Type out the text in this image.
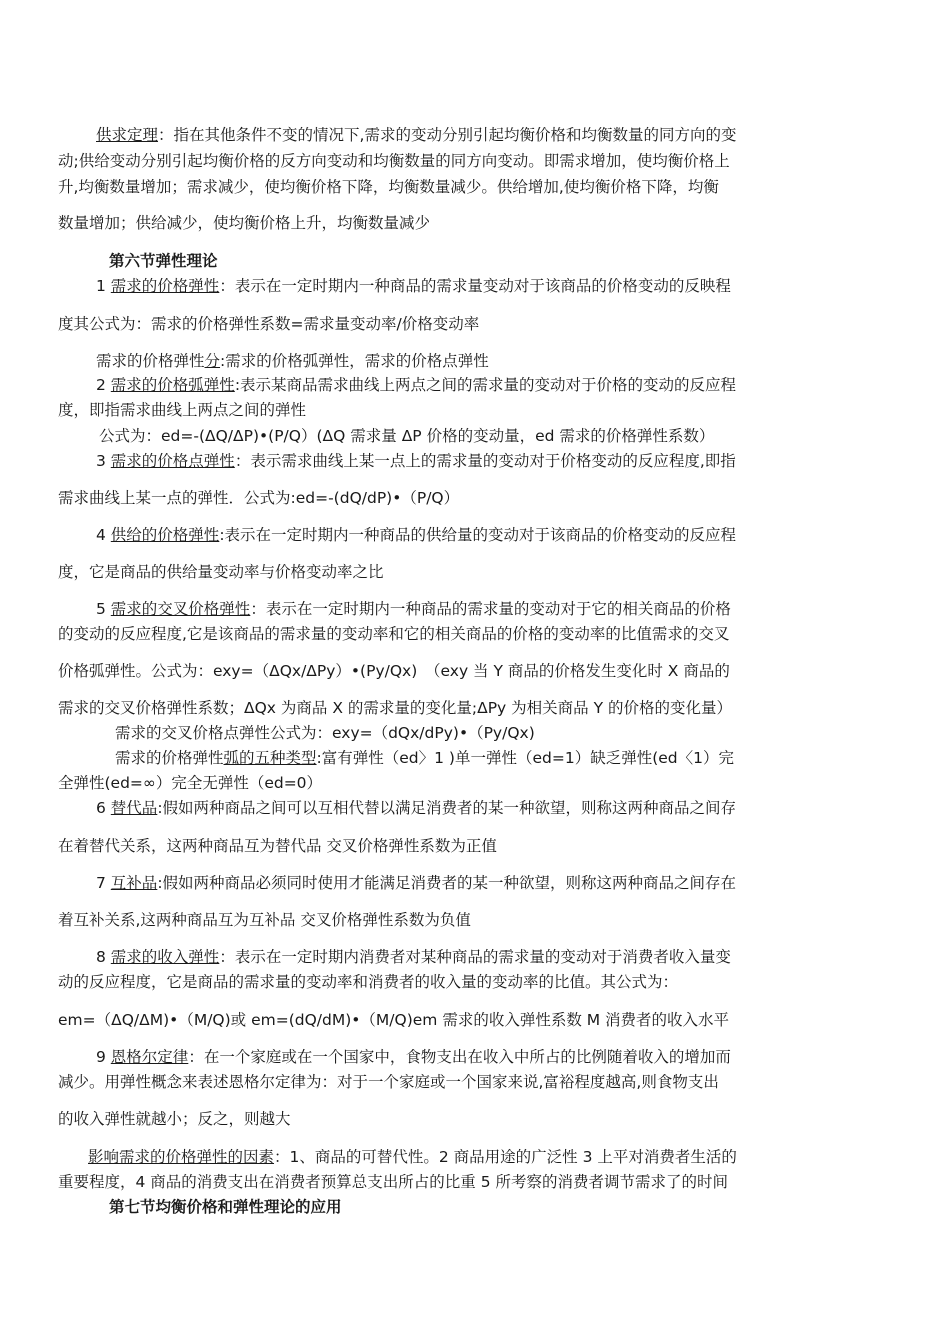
供求定理：指在其他条件不变的情况下,需求的变动分别引起均衡价格和均衡数量的同方向的变
动;供给变动分别引起均衡价格的反方向变动和均衡数量的同方向变动。即需求增加，使均衡价格上
升,均衡数量增加；需求减少，使均衡价格下降，均衡数量减少。供给增加,使均衡价格下降，均衡
数量增加；供给减少，使均衡价格上升，均衡数量减少
第六节弹性理论
1 需求的价格弹性：表示在一定时期内一种商品的需求量变动对于该商品的价格变动的反映程
度其公式为：需求的价格弹性系数=需求量变动率/价格变动率
需求的价格弹性分:需求的价格弧弹性，需求的价格点弹性
2 需求的价格弧弹性:表示某商品需求曲线上两点之间的需求量的变动对于价格的变动的反应程
度，即指需求曲线上两点之间的弹性
公式为：ed=-(ΔQ/ΔP)•(P/Q）(ΔQ 需求量 ΔP 价格的变动量，ed 需求的价格弹性系数）
3 需求的价格点弹性：表示需求曲线上某一点上的需求量的变动对于价格变动的反应程度,即指
需求曲线上某一点的弹性．公式为:ed=-(dQ/dP)•（P/Q）
4 供给的价格弹性:表示在一定时期内一种商品的供给量的变动对于该商品的价格变动的反应程
度，它是商品的供给量变动率与价格变动率之比
5 需求的交叉价格弹性：表示在一定时期内一种商品的需求量的变动对于它的相关商品的价格
的变动的反应程度,它是该商品的需求量的变动率和它的相关商品的价格的变动率的比值需求的交叉
价格弧弹性。公式为：exy=（ΔQx/ΔPy）•(Py/Qx)　（exy 当 Y 商品的价格发生变化时 X 商品的
需求的交叉价格弹性系数；ΔQx 为商品 X 的需求量的变化量;ΔPy 为相关商品 Y 的价格的变化量）
需求的交叉价格点弹性公式为：exy=（dQx/dPy)•（Py/Qx)
需求的价格弹性弧的五种类型:富有弹性（ed〉1 )单一弹性（ed=1）缺乏弹性(ed〈1）完
全弹性(ed=∞）完全无弹性（ed=0）
6 替代品:假如两种商品之间可以互相代替以满足消费者的某一种欲望，则称这两种商品之间存
在着替代关系，这两种商品互为替代品 交叉价格弹性系数为正值
7 互补品:假如两种商品必须同时使用才能满足消费者的某一种欲望，则称这两种商品之间存在
着互补关系,这两种商品互为互补品 交叉价格弹性系数为负值
8 需求的收入弹性：表示在一定时期内消费者对某种商品的需求量的变动对于消费者收入量变
动的反应程度，它是商品的需求量的变动率和消费者的收入量的变动率的比值。其公式为：
em=（ΔQ/ΔM)•（M/Q)或 em=(dQ/dM)•（M/Q)em 需求的收入弹性系数 M 消费者的收入水平
9 恩格尔定律：在一个家庭或在一个国家中，食物支出在收入中所占的比例随着收入的增加而
减少。用弹性概念来表述恩格尔定律为：对于一个家庭或一个国家来说,富裕程度越高,则食物支出
的收入弹性就越小；反之，则越大
影响需求的价格弹性的因素：1、商品的可替代性。2 商品用途的广泛性 3 上平对消费者生活的
重要程度，4 商品的消费支出在消费者预算总支出所占的比重 5 所考察的消费者调节需求了的时间
第七节均衡价格和弹性理论的应用
